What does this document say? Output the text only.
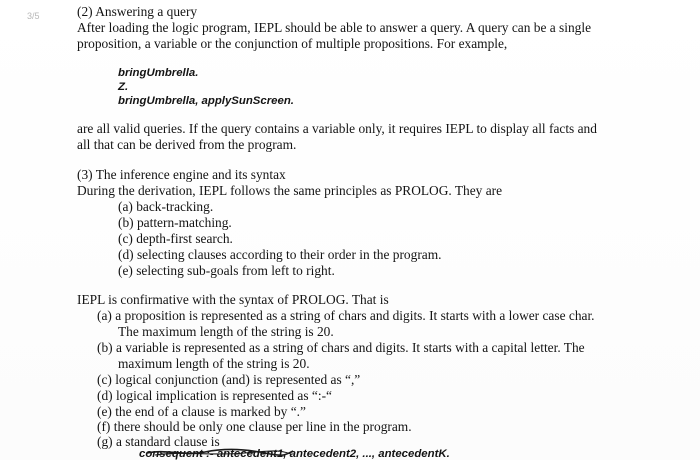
3/5	(2) Answering a query
After loading the logic program, IEPL should be able to answer a query. A query can be a single
proposition, a variable or the conjunction of multiple propositions. For example,
bringUmbrella.
Z.
bringUmbrella, applySunScreen.
are all valid queries. If the query contains a variable only, it requires IEPL to display all facts and
all that can be derived from the program.
(3) The inference engine and its syntax
During the derivation, IEPL follows the same principles as PROLOG. They are
(a) back-tracking.
(b) pattern-matching.
(c) depth-first search.
(d) selecting clauses according to their order in the program.
(e) selecting sub-goals from left to right.
IEPL is confirmative with the syntax of PROLOG. That is
(a) a proposition is represented as a string of chars and digits. It starts with a lower case char.
The maximum length of the string is 20.
(b) a variable is represented as a string of chars and digits. It starts with a capital letter. The
maximum length of the string is 20.
(c) logical conjunction (and) is represented as “,”
(d) logical implication is represented as “:-“
(e) the end of a clause is marked by “.”
(f) there should be only one clause per line in the program.
(g) a standard clause is
consequent :- antecedent1, antecedent2, ..., antecedentK.
